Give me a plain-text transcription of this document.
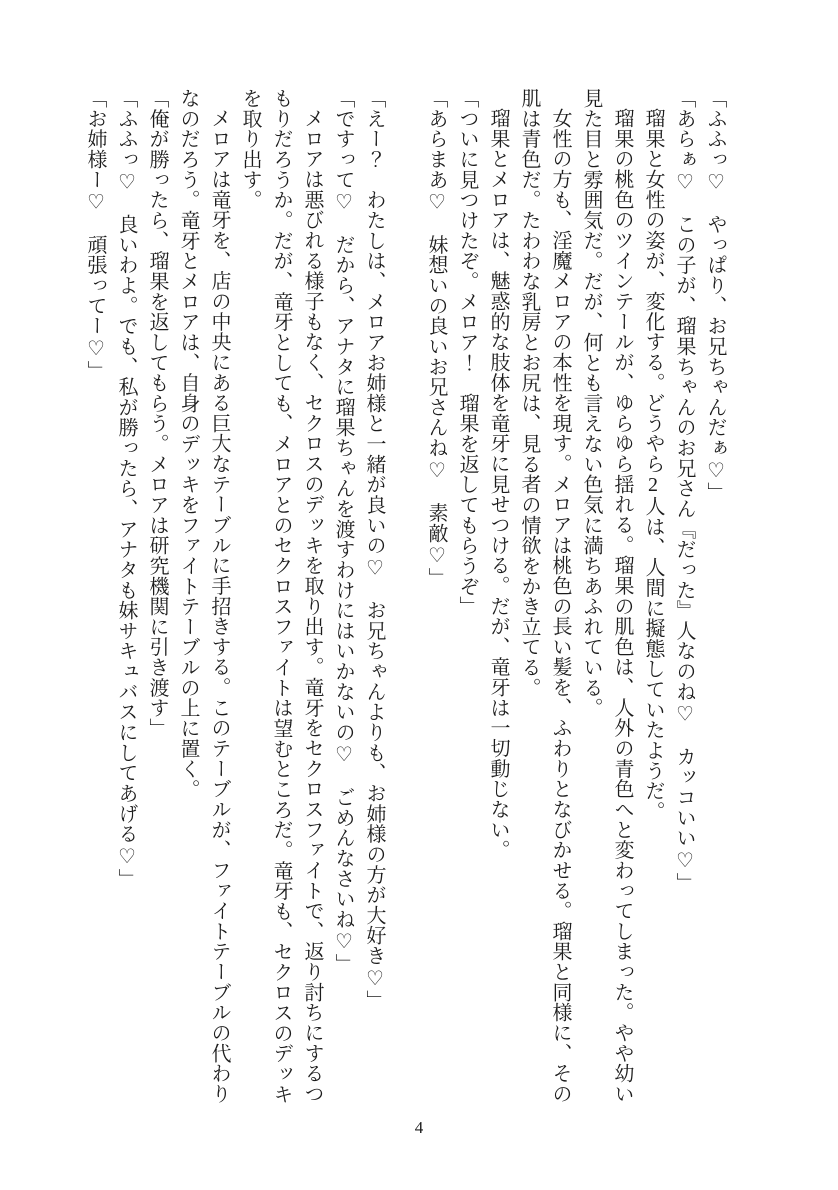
「ふふっ♡　やっぱり、お兄ちゃんだぁ♡」

「あらぁ♡　この子が、瑠果ちゃんのお兄さん『だった』人なのね♡　カッコいい♡」

瑠果と女性の姿が、変化する。どうやら2人は、人間に擬態していたようだ。

瑠果の桃色のツインテールが、ゆらゆら揺れる。瑠果の肌色は、人外の青色へと変わってしまった。やや幼い見た目と雰囲気だ。だが、何とも言えない色気に満ちあふれている。

女性の方も、淫魔メロアの本性を現す。メロアは桃色の長い髪を、ふわりとなびかせる。瑠果と同様に、その肌は青色だ。たわわな乳房とお尻は、見る者の情欲をかき立てる。

瑠果とメロアは、魅惑的な肢体を竜牙に見せつける。だが、竜牙は一切動じない。

「ついに見つけたぞ。メロア！　瑠果を返してもらうぞ」

「あらまあ♡　妹想いの良いお兄さんね♡　素敵♡」

「えー？　わたしは、メロアお姉様と一緒が良いの♡　お兄ちゃんよりも、お姉様の方が大好き♡」

「ですって♡　だから、アナタに瑠果ちゃんを渡すわけにはいかないの♡　ごめんなさいね♡」

メロアは悪びれる様子もなく、セクロスのデッキを取り出す。竜牙をセクロスファイトで、返り討ちにするつもりだろうか。だが、竜牙としても、メロアとのセクロスファイトは望むところだ。竜牙も、セクロスのデッキを取り出す。

メロアは竜牙を、店の中央にある巨大なテーブルに手招きする。このテーブルが、ファイトテーブルの代わりなのだろう。竜牙とメロアは、自身のデッキをファイトテーブルの上に置く。

「俺が勝ったら、瑠果を返してもらう。メロアは研究機関に引き渡す」

「ふふっ♡　良いわよ。でも、私が勝ったら、アナタも妹サキュバスにしてあげる♡」

「お姉様ー♡　頑張ってー♡」

4
